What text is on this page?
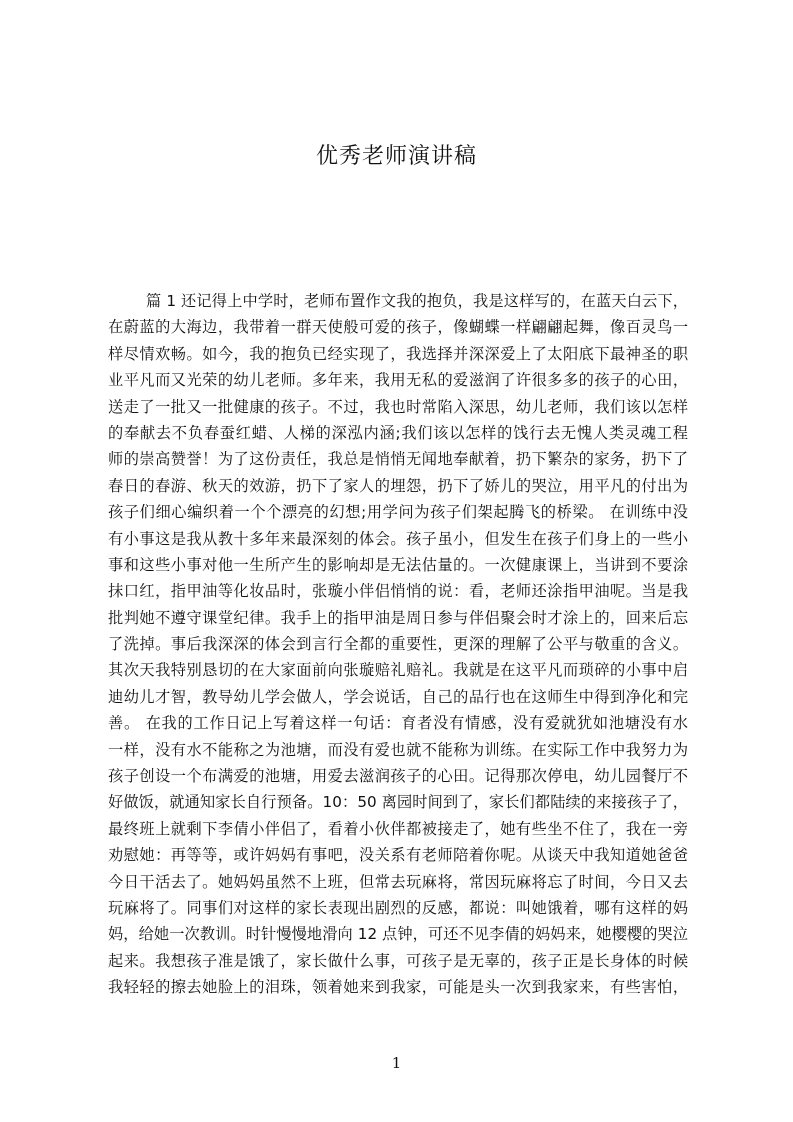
优秀老师演讲稿
篇 1 还记得上中学时，老师布置作文我的抱负，我是这样写的，在蓝天白云下，
在蔚蓝的大海边，我带着一群天使般可爱的孩子，像蝴蝶一样翩翩起舞，像百灵鸟一
样尽情欢畅。如今，我的抱负已经实现了，我选择并深深爱上了太阳底下最神圣的职
业平凡而又光荣的幼儿老师。多年来，我用无私的爱滋润了许很多多的孩子的心田，
送走了一批又一批健康的孩子。不过，我也时常陷入深思，幼儿老师，我们该以怎样
的奉献去不负春蚕红蜡、人梯的深泓内涵;我们该以怎样的饯行去无愧人类灵魂工程
师的崇高赞誉！为了这份责任，我总是悄悄无闻地奉献着，扔下繁杂的家务，扔下了
春日的春游、秋天的效游，扔下了家人的埋怨，扔下了娇儿的哭泣，用平凡的付出为
孩子们细心编织着一个个漂亮的幻想;用学问为孩子们架起腾飞的桥梁。 在训练中没
有小事这是我从教十多年来最深刻的体会。孩子虽小，但发生在孩子们身上的一些小
事和这些小事对他一生所产生的影响却是无法估量的。一次健康课上，当讲到不要涂
抹口红，指甲油等化妆品时，张璇小伴侣悄悄的说：看，老师还涂指甲油呢。当是我
批判她不遵守课堂纪律。我手上的指甲油是周日参与伴侣聚会时才涂上的，回来后忘
了洗掉。事后我深深的体会到言行全都的重要性，更深的理解了公平与敬重的含义。
其次天我特别恳切的在大家面前向张璇赔礼赔礼。我就是在这平凡而琐碎的小事中启
迪幼儿才智，教导幼儿学会做人，学会说话，自己的品行也在这师生中得到净化和完
善。 在我的工作日记上写着这样一句话：育者没有情感，没有爱就犹如池塘没有水
一样，没有水不能称之为池塘，而没有爱也就不能称为训练。在实际工作中我努力为
孩子创设一个布满爱的池塘，用爱去滋润孩子的心田。记得那次停电，幼儿园餐厅不
好做饭，就通知家长自行预备。10：50 离园时间到了，家长们都陆续的来接孩子了，
最终班上就剩下李倩小伴侣了，看着小伙伴都被接走了，她有些坐不住了，我在一旁
劝慰她：再等等，或许妈妈有事吧，没关系有老师陪着你呢。从谈天中我知道她爸爸
今日干活去了。她妈妈虽然不上班，但常去玩麻将，常因玩麻将忘了时间，今日又去
玩麻将了。同事们对这样的家长表现出剧烈的反感，都说：叫她饿着，哪有这样的妈
妈，给她一次教训。时针慢慢地滑向 12 点钟，可还不见李倩的妈妈来，她樱樱的哭泣
起来。我想孩子准是饿了，家长做什么事，可孩子是无辜的，孩子正是长身体的时候
我轻轻的擦去她脸上的泪珠，领着她来到我家，可能是头一次到我家来，有些害怕，
1
